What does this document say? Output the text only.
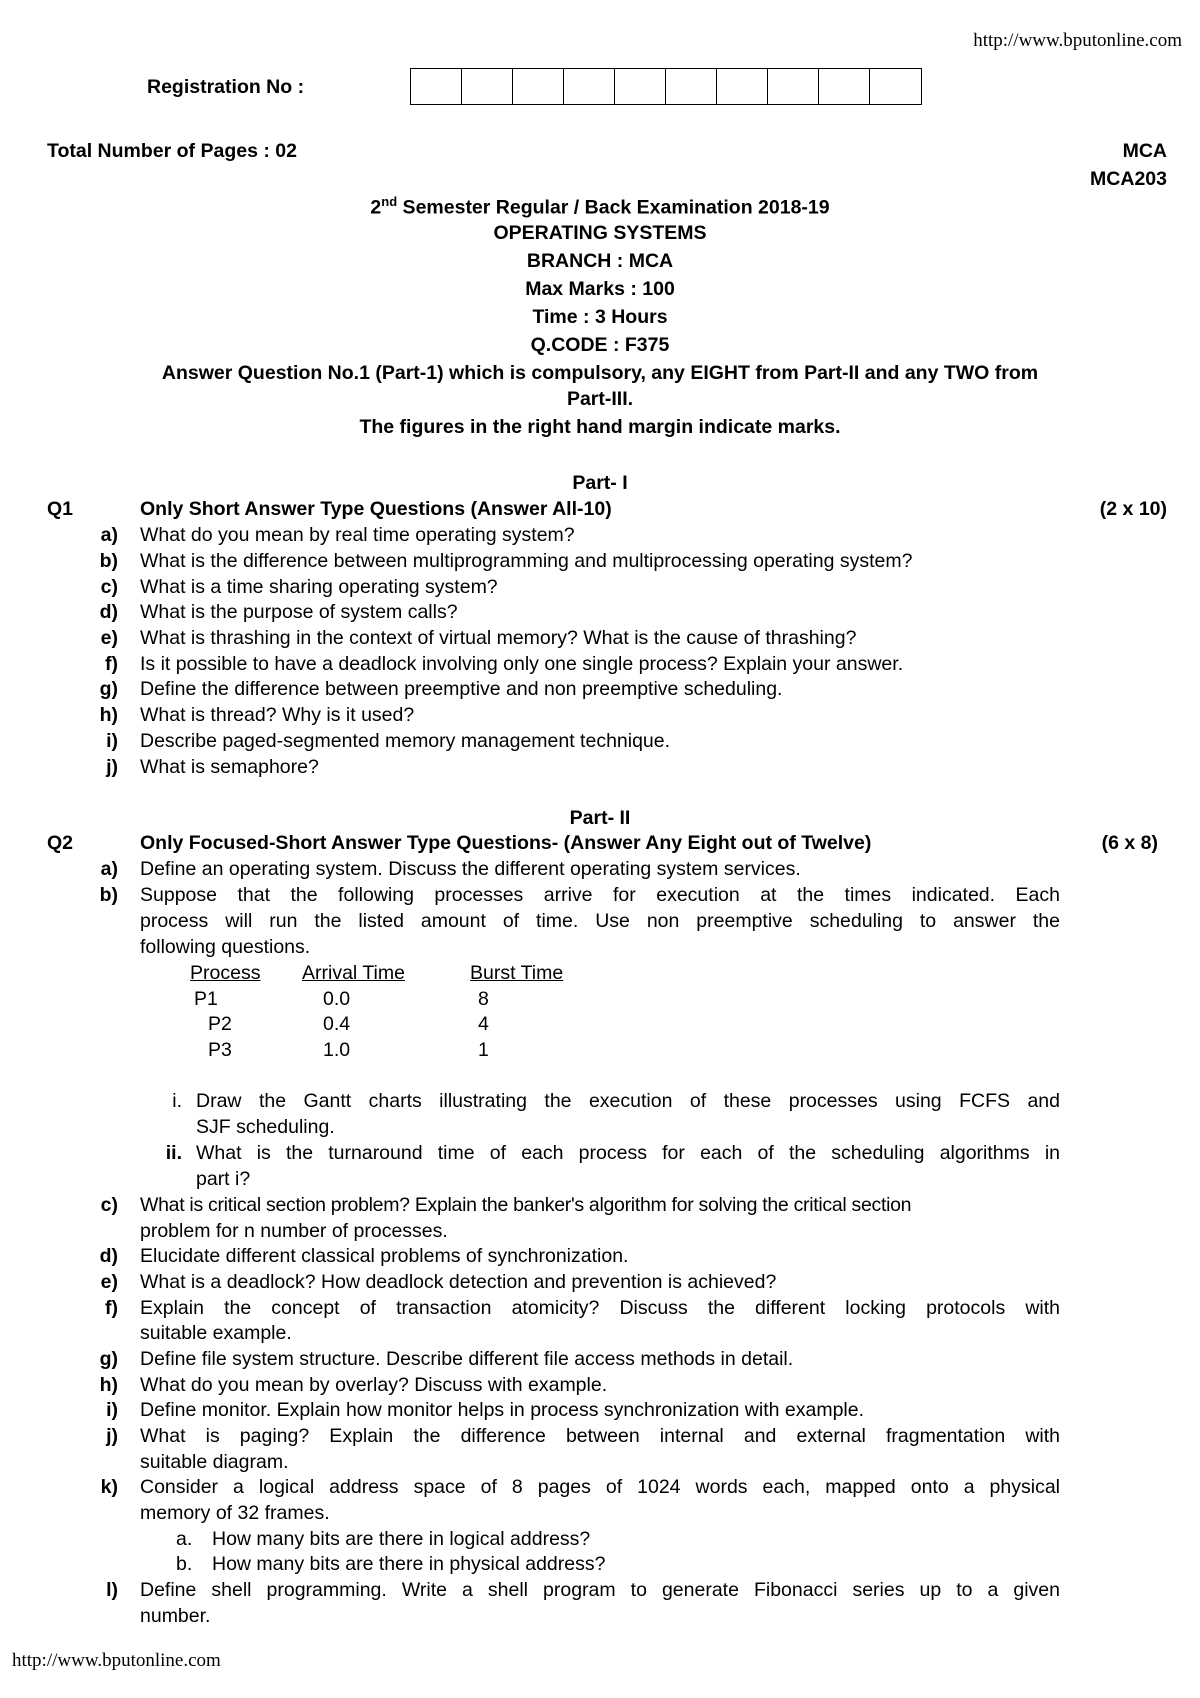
http://www.bputonline.com
Registration No :
Total Number of Pages : 02	MCA
MCA203
2nd Semester Regular / Back Examination 2018-19
OPERATING SYSTEMS
BRANCH : MCA
Max Marks : 100
Time : 3 Hours
Q.CODE : F375
Answer Question No.1 (Part-1) which is compulsory, any EIGHT from Part-II and any TWO from
Part-III.
The figures in the right hand margin indicate marks.
Part- I
Q1	Only Short Answer Type Questions (Answer All-10)	(2 x 10)
a) What do you mean by real time operating system?
b) What is the difference between multiprogramming and multiprocessing operating system?
c) What is a time sharing operating system?
d) What is the purpose of system calls?
e) What is thrashing in the context of virtual memory? What is the cause of thrashing?
f) Is it possible to have a deadlock involving only one single process? Explain your answer.
g) Define the difference between preemptive and non preemptive scheduling.
h) What is thread? Why is it used?
i) Describe paged-segmented memory management technique.
j) What is semaphore?
Part- II
Q2	Only Focused-Short Answer Type Questions- (Answer Any Eight out of Twelve)	(6 x 8)
a) Define an operating system. Discuss the different operating system services.
b) Suppose that the following processes arrive for execution at the times indicated. Each
process will run the listed amount of time. Use non preemptive scheduling to answer the
following questions.
Process Arrival Time	Burst Time
P1	0.0	8
P2	0.4	4
P3	1.0	1
i. Draw the Gantt charts illustrating the execution of these processes using FCFS and
SJF scheduling.
ii. What is the turnaround time of each process for each of the scheduling algorithms in
part i?
c) What is critical section problem? Explain the banker's algorithm for solving the critical section
problem for n number of processes.
d) Elucidate different classical problems of synchronization.
e) What is a deadlock? How deadlock detection and prevention is achieved?
f) Explain the concept of transaction atomicity? Discuss the different locking protocols with
suitable example.
g) Define file system structure. Describe different file access methods in detail.
h) What do you mean by overlay? Discuss with example.
i) Define monitor. Explain how monitor helps in process synchronization with example.
j) What is paging? Explain the difference between internal and external fragmentation with
suitable diagram.
k) Consider a logical address space of 8 pages of 1024 words each, mapped onto a physical
memory of 32 frames.
a. How many bits are there in logical address?
b. How many bits are there in physical address?
l) Define shell programming. Write a shell program to generate Fibonacci series up to a given
number.
http://www.bputonline.com
